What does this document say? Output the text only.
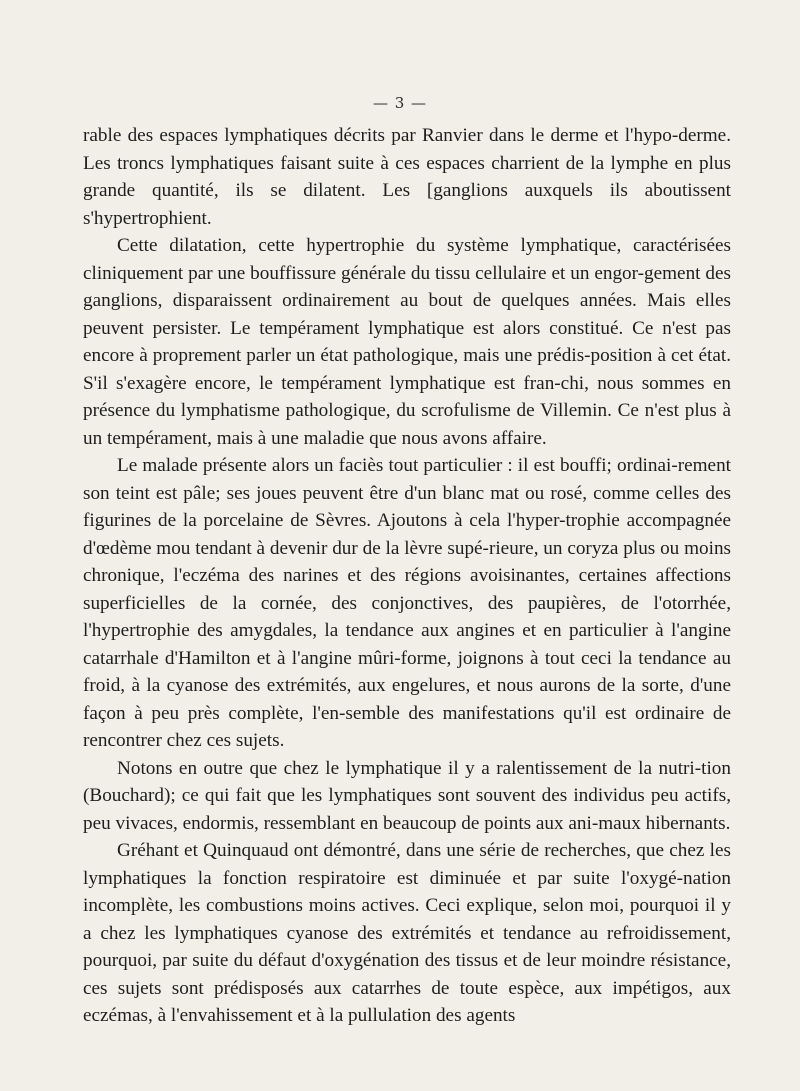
— 3 —

rable des espaces lymphatiques décrits par Ranvier dans le derme et l'hypo-derme. Les troncs lymphatiques faisant suite à ces espaces charrient de la lymphe en plus grande quantité, ils se dilatent. Les [ganglions auxquels ils aboutissent s'hypertrophient.

Cette dilatation, cette hypertrophie du système lymphatique, caractérisées cliniquement par une bouffissure générale du tissu cellulaire et un engor-gement des ganglions, disparaissent ordinairement au bout de quelques années. Mais elles peuvent persister. Le tempérament lymphatique est alors constitué. Ce n'est pas encore à proprement parler un état pathologique, mais une prédis-position à cet état. S'il s'exagère encore, le tempérament lymphatique est fran-chi, nous sommes en présence du lymphatisme pathologique, du scrofulisme de Villemin. Ce n'est plus à un tempérament, mais à une maladie que nous avons affaire.

Le malade présente alors un faciès tout particulier : il est bouffi; ordinai-rement son teint est pâle; ses joues peuvent être d'un blanc mat ou rosé, comme celles des figurines de la porcelaine de Sèvres. Ajoutons à cela l'hyper-trophie accompagnée d'œdème mou tendant à devenir dur de la lèvre supé-rieure, un coryza plus ou moins chronique, l'eczéma des narines et des régions avoisinantes, certaines affections superficielles de la cornée, des conjonctives, des paupières, de l'otorrhée, l'hypertrophie des amygdales, la tendance aux angines et en particulier à l'angine catarrhale d'Hamilton et à l'angine mûri-forme, joignons à tout ceci la tendance au froid, à la cyanose des extrémités, aux engelures, et nous aurons de la sorte, d'une façon à peu près complète, l'en-semble des manifestations qu'il est ordinaire de rencontrer chez ces sujets.

Notons en outre que chez le lymphatique il y a ralentissement de la nutri-tion (Bouchard); ce qui fait que les lymphatiques sont souvent des individus peu actifs, peu vivaces, endormis, ressemblant en beaucoup de points aux ani-maux hibernants.

Gréhant et Quinquaud ont démontré, dans une série de recherches, que chez les lymphatiques la fonction respiratoire est diminuée et par suite l'oxygé-nation incomplète, les combustions moins actives. Ceci explique, selon moi, pourquoi il y a chez les lymphatiques cyanose des extrémités et tendance au refroidissement, pourquoi, par suite du défaut d'oxygénation des tissus et de leur moindre résistance, ces sujets sont prédisposés aux catarrhes de toute espèce, aux impétigos, aux eczémas, à l'envahissement et à la pullulation des agents
